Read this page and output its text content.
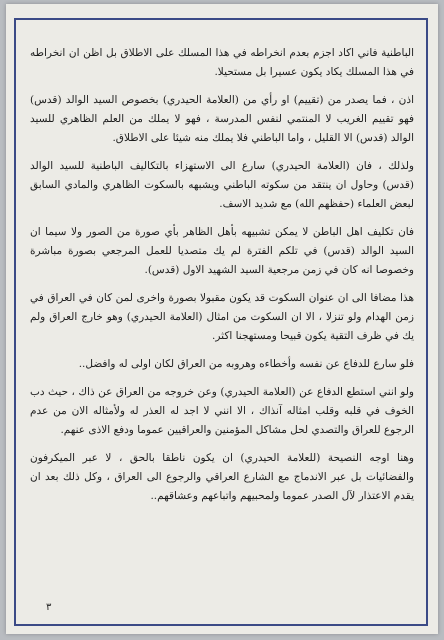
الباطنية فاني اكاد اجزم بعدم انخراطه في هذا المسلك على الاطلاق بل اظن ان انخراطه في هذا المسلك يكاد يكون عسيرا بل مستحيلا.

اذن ، فما يصدر من (تقييم) او رأي من (العلامة الحيدري) بخصوص السيد الوالد (قدس) فهو تقييم الغريب لا المنتمي لنفس المدرسة ، فهو لا يملك من العلم الظاهري للسيد الوالد (قدس) الا القليل ، واما الباطني فلا يملك منه شيئا على الاطلاق.

ولذلك ، فان (العلامة الحيدري) سارع الى الاستهزاء بالتكاليف الباطنية للسيد الوالد (قدس) وحاول ان ينتقد من سكوته الباطني ويشبهه بالسكوت الظاهري والمادي السابق لبعض العلماء (حفظهم الله) مع شديد الاسف.

فان تكليف اهل الباطن لا يمكن تشبيهه بأهل الظاهر بأي صورة من الصور ولا سيما ان السيد الوالد (قدس) في تلكم الفترة لم يك متصديا للعمل المرجعي بصورة مباشرة وخصوصا انه كان في زمن مرجعية السيد الشهيد الاول (قدس).

هذا مضافا الى ان عنوان السكوت قد يكون مقبولا بصورة واخرى لمن كان في العراق في زمن الهدام ولو تنزلا ، الا ان السكوت من امثال (العلامة الحيدري) وهو خارج العراق ولم يك في ظرف التقية يكون قبيحا ومستهجنا اكثر.

فلو سارع للدفاع عن نفسه وأخطاءه وهروبه من العراق لكان اولى له وافضل..

ولو انني استطع الدفاع عن (العلامة الحيدري) وعن خروجه من العراق عن ذاك ، حيث دب الخوف في قلبه وقلب امثاله آنذاك ، الا انني لا اجد له العذر له ولأمثاله الان من عدم الرجوع للعراق والتصدي لحل مشاكل المؤمنين والعراقيين عموما ودفع الاذى عنهم.

وهنا اوجه النصيحة (للعلامة الحيدري) ان يكون ناطقا بالحق ، لا عبر الميكرفون والفضائيات بل عبر الاندماج مع الشارع العراقي والرجوع الى العراق ، وكل ذلك بعد ان يقدم الاعتذار لآل الصدر عموما ولمحبيهم واتباعهم وعشاقهم..

٣
